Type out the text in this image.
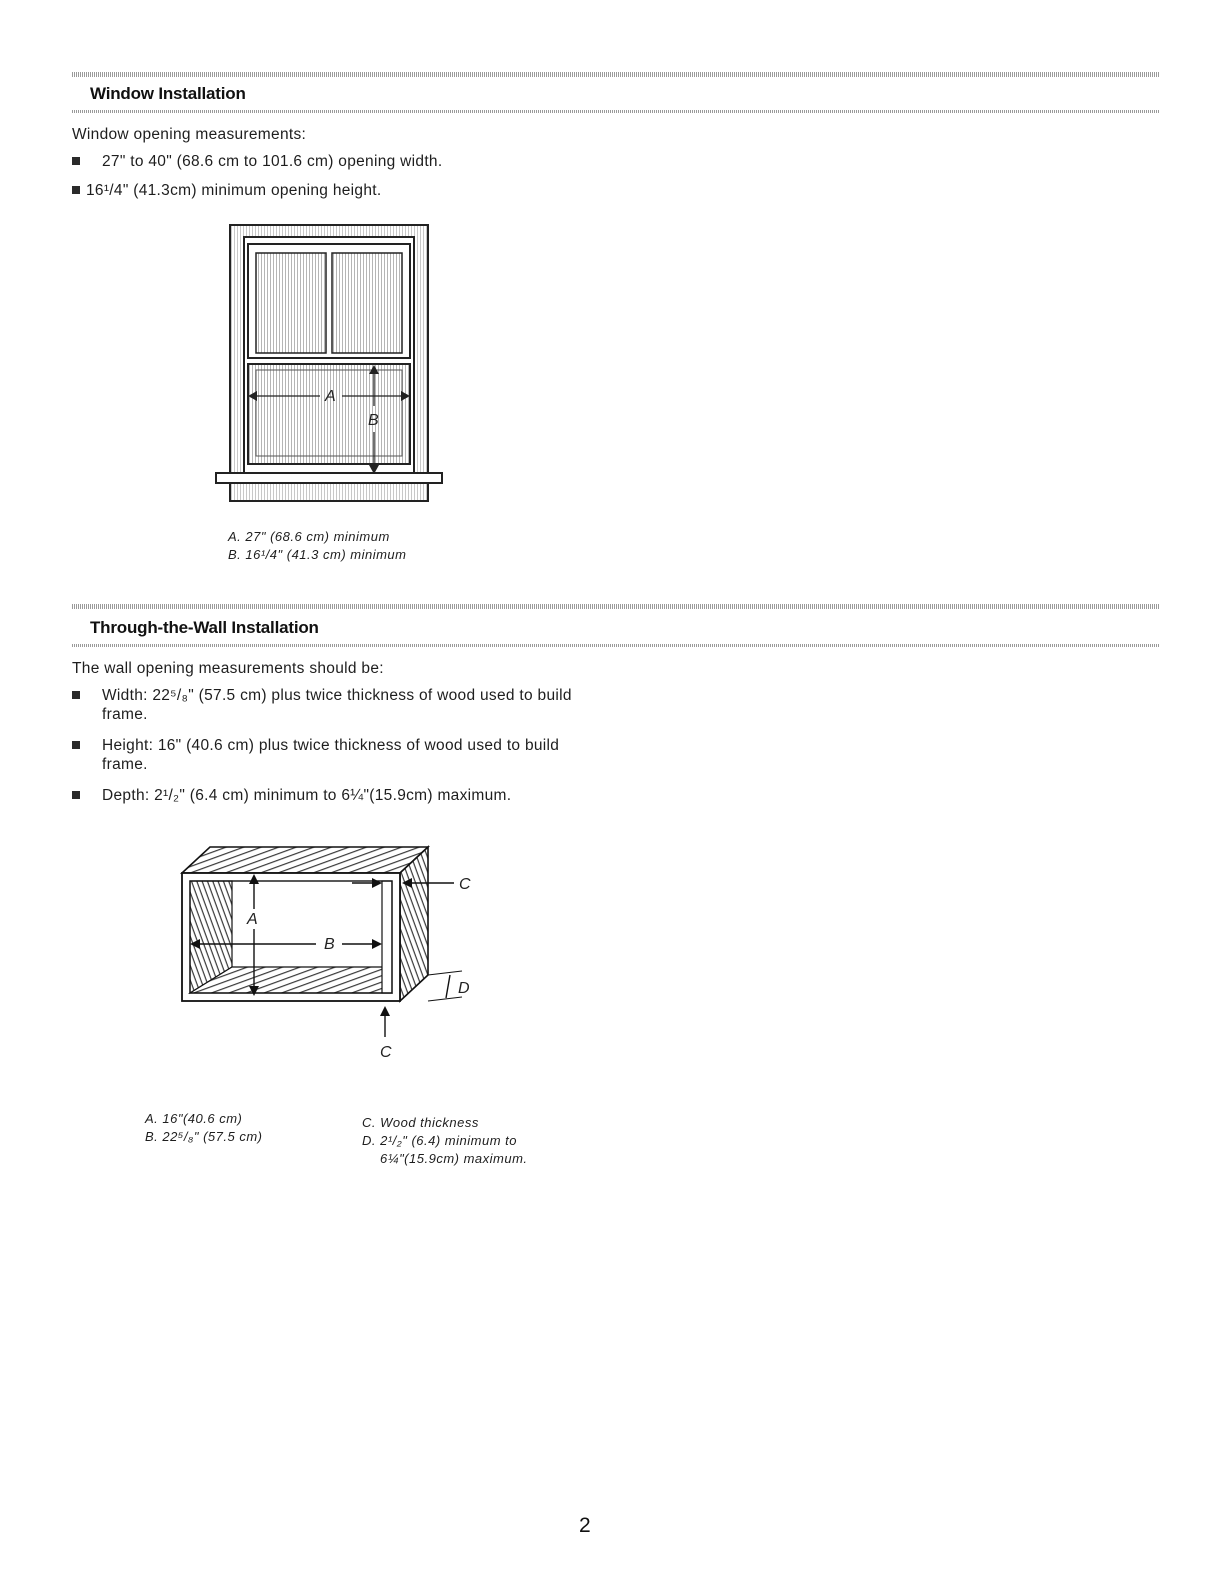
Window Installation
Window opening measurements:
27" to 40" (68.6 cm to 101.6 cm) opening width.
16¹/4" (41.3cm) minimum opening height.
A
B
A. 27" (68.6 cm) minimum
B. 16¹/4" (41.3 cm) minimum
Through-the-Wall Installation
The wall opening measurements should be:
Width: 22⁵/₈" (57.5 cm) plus twice thickness of wood used to build frame.
Height: 16" (40.6 cm) plus twice thickness of wood used to build frame.
Depth: 2¹/₂" (6.4 cm) minimum to 6¼"(15.9cm) maximum.
A
B
C
D
C
A. 16"(40.6 cm)
B. 22⁵/₈" (57.5 cm)
C. Wood thickness
D. 2¹/₂" (6.4) minimum to
6¼"(15.9cm) maximum.
2
